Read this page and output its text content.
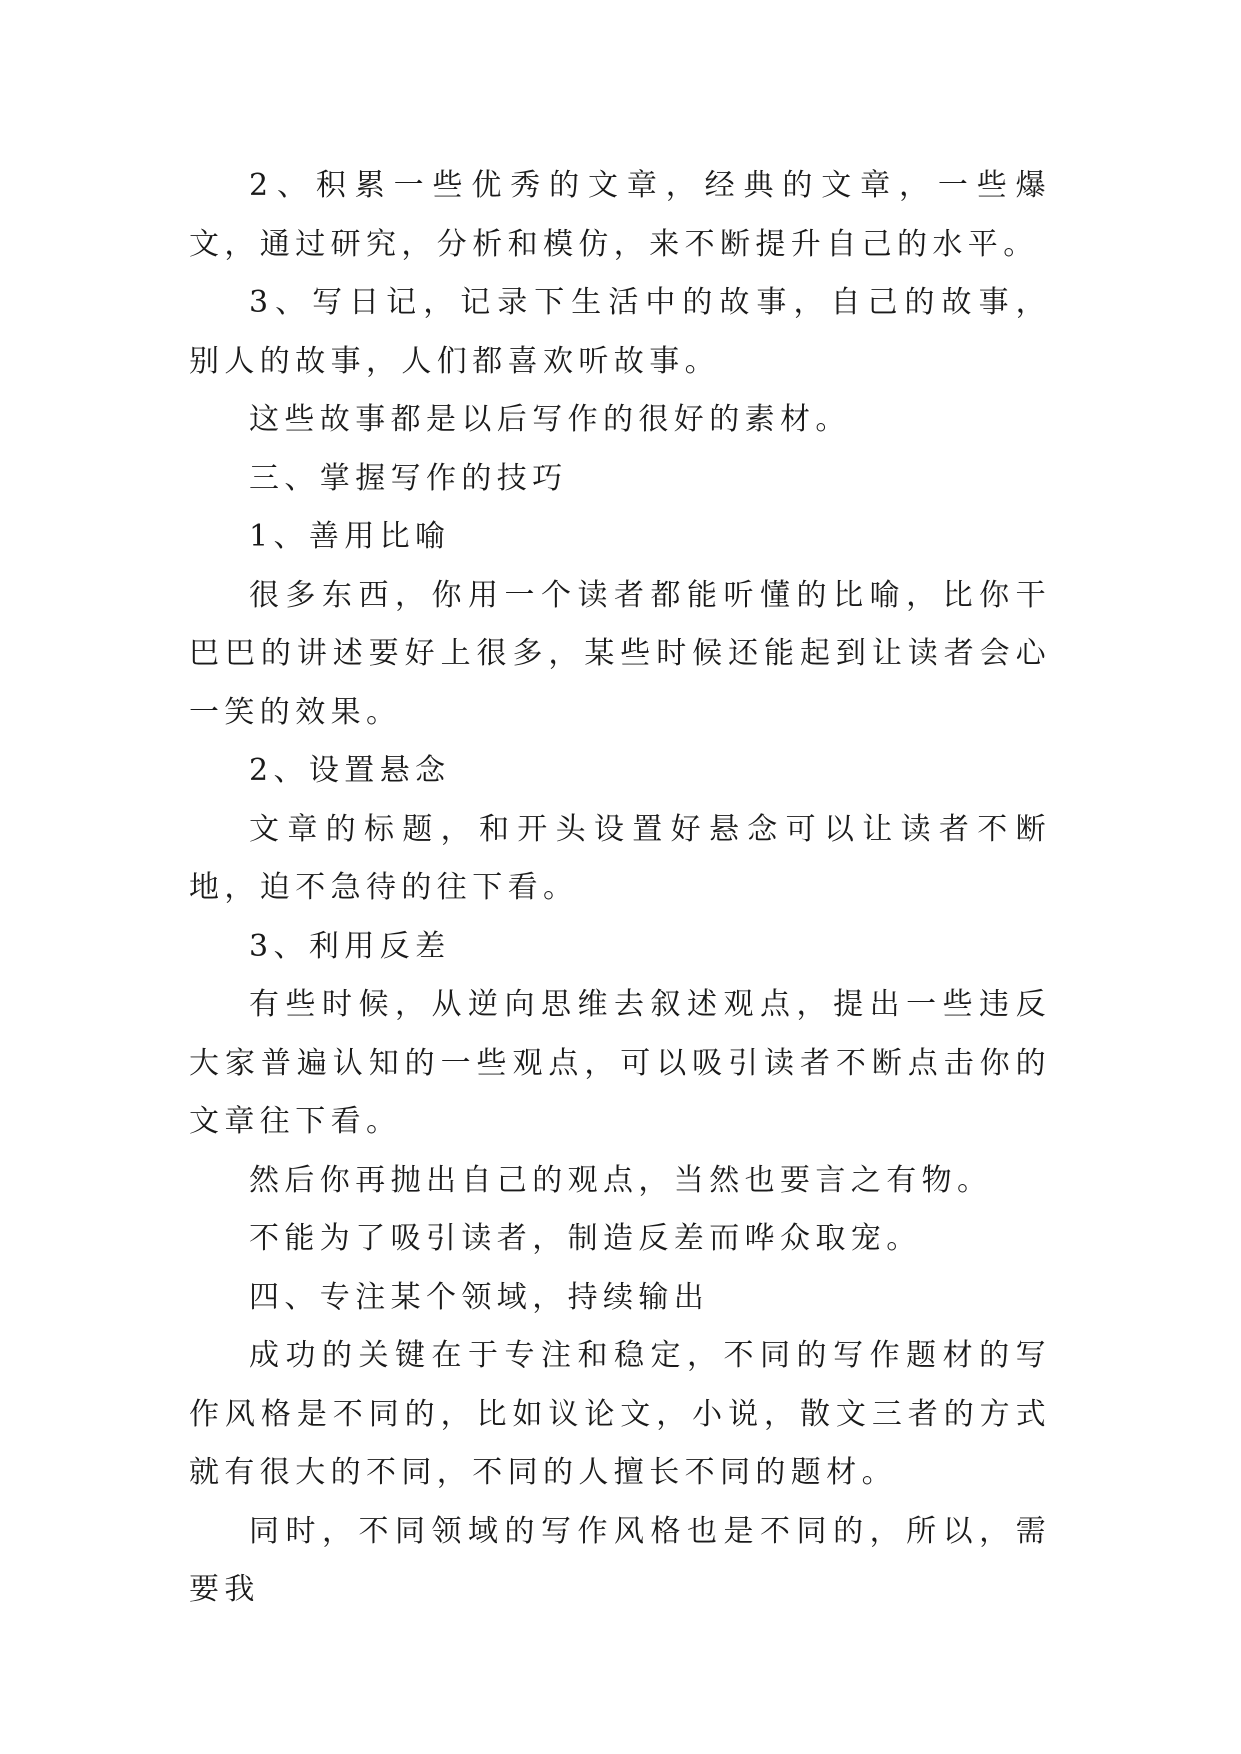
2、积累一些优秀的文章，经典的文章，一些爆文，通过研究，分析和模仿，来不断提升自己的水平。

3、写日记，记录下生活中的故事，自己的故事，别人的故事，人们都喜欢听故事。

这些故事都是以后写作的很好的素材。

三、掌握写作的技巧

1、善用比喻

很多东西，你用一个读者都能听懂的比喻，比你干巴巴的讲述要好上很多，某些时候还能起到让读者会心一笑的效果。

2、设置悬念

文章的标题，和开头设置好悬念可以让读者不断地，迫不急待的往下看。

3、利用反差

有些时候，从逆向思维去叙述观点，提出一些违反大家普遍认知的一些观点，可以吸引读者不断点击你的文章往下看。

然后你再抛出自己的观点，当然也要言之有物。

不能为了吸引读者，制造反差而哗众取宠。

四、专注某个领域，持续输出

成功的关键在于专注和稳定，不同的写作题材的写作风格是不同的，比如议论文，小说，散文三者的方式就有很大的不同，不同的人擅长不同的题材。

同时，不同领域的写作风格也是不同的，所以，需要我
